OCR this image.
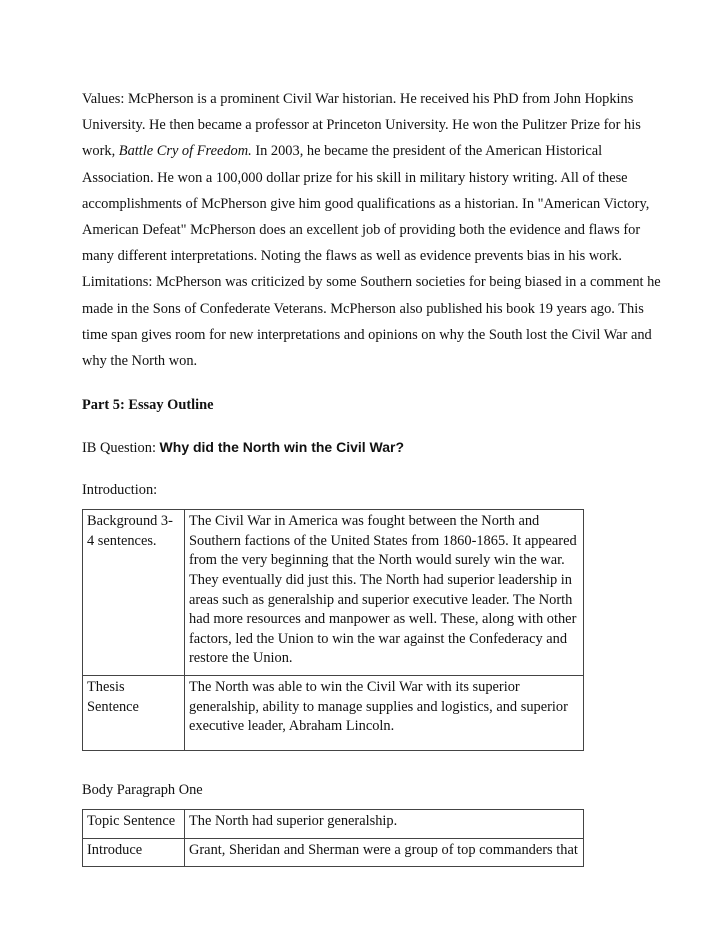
Values: McPherson is a prominent Civil War historian. He received his PhD from John Hopkins University. He then became a professor at Princeton University. He won the Pulitzer Prize for his work, Battle Cry of Freedom. In 2003, he became the president of the American Historical Association. He won a 100,000 dollar prize for his skill in military history writing. All of these accomplishments of McPherson give him good qualifications as a historian. In "American Victory, American Defeat" McPherson does an excellent job of providing both the evidence and flaws for many different interpretations. Noting the flaws as well as evidence prevents bias in his work.

Limitations: McPherson was criticized by some Southern societies for being biased in a comment he made in the Sons of Confederate Veterans. McPherson also published his book 19 years ago. This time span gives room for new interpretations and opinions on why the South lost the Civil War and why the North won.

Part 5: Essay Outline

IB Question: Why did the North win the Civil War?

Introduction:

Background 3-4 sentences.	The Civil War in America was fought between the North and Southern factions of the United States from 1860-1865. It appeared from the very beginning that the North would surely win the war. They eventually did just this. The North had superior leadership in areas such as generalship and superior executive leader. The North had more resources and manpower as well. These, along with other factors, led the Union to win the war against the Confederacy and restore the Union.
Thesis Sentence	The North was able to win the Civil War with its superior generalship, ability to manage supplies and logistics, and superior executive leader, Abraham Lincoln.

Body Paragraph One

Topic Sentence	The North had superior generalship.
Introduce	Grant, Sheridan and Sherman were a group of top commanders that
